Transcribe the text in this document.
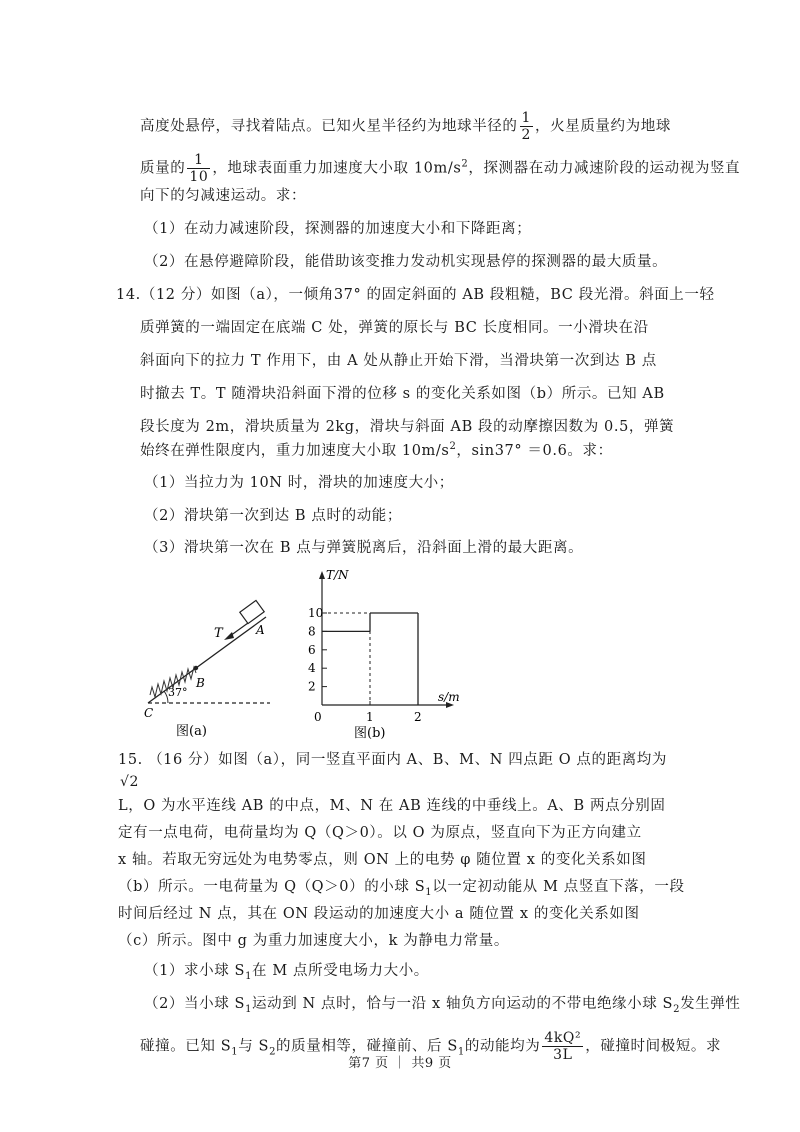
高度处悬停，寻找着陆点。已知火星半径约为地球半径的 $\frac{1}{2}$ ，火星质量约为地球
质量的 $\frac{1}{10}$ ，地球表面重力加速度大小取 $10m/s^2$，探测器在动力减速阶段的运动视为竖直
向下的匀减速运动。求：
（1）在动力减速阶段，探测器的加速度大小和下降距离；
（2）在悬停避障阶段，能借助该变推力发动机实现悬停的探测器的最大质量。
14.（12 分）如图（a），一倾角37° 的固定斜面的 AB 段粗糙，BC 段光滑。斜面上一轻
质弹簧的一端固定在底端 C 处，弹簧的原长与 BC 长度相同。一小滑块在沿
斜面向下的拉力 T 作用下，由 A 处从静止开始下滑，当滑块第一次到达 B 点
时撤去 T。T 随滑块沿斜面下滑的位移 s 的变化关系如图（b）所示。已知 AB
段长度为 2m，滑块质量为 2kg，滑块与斜面 AB 段的动摩擦因数为 0.5，弹簧
始终在弹性限度内，重力加速度大小取 $10m/s^2$，sin37° ＝0.6。求：
（1）当拉力为 10N 时，滑块的加速度大小；
（2）滑块第一次到达 B 点时的动能；
（3）滑块第一次在 B 点与弹簧脱离后，沿斜面上滑的最大距离。
T	A
B
C
37°
图(a)
T/N
s/m
2
4
6
8
10
0	1	2
图(b)
15. （16 分）如图（a），同一竖直平面内 A、B、M、N 四点距 O 点的距离均为
√2
L，O 为水平连线 AB 的中点，M、N 在 AB 连线的中垂线上。A、B 两点分别固
定有一点电荷，电荷量均为 Q（Q＞0）。以 O 为原点，竖直向下为正方向建立
x 轴。若取无穷远处为电势零点，则 ON 上的电势 φ 随位置 x 的变化关系如图
（b）所示。一电荷量为 Q（Q＞0）的小球 $S_1$以一定初动能从 M 点竖直下落，一段
时间后经过 N 点，其在 ON 段运动的加速度大小 a 随位置 x 的变化关系如图
（c）所示。图中 g 为重力加速度大小，k 为静电力常量。
（1）求小球 $S_1$在 M 点所受电场力大小。
（2）当小球 $S_1$运动到 N 点时，恰与一沿 x 轴负方向运动的不带电绝缘小球 $S_2$发生弹性
碰撞。已知 $S_1$与 $S_2$的质量相等，碰撞前、后 $S_1$的动能均为 $\frac{\text{4kQ²}}{3L}$ ，碰撞时间极短。求
第7 页 ｜ 共9 页
